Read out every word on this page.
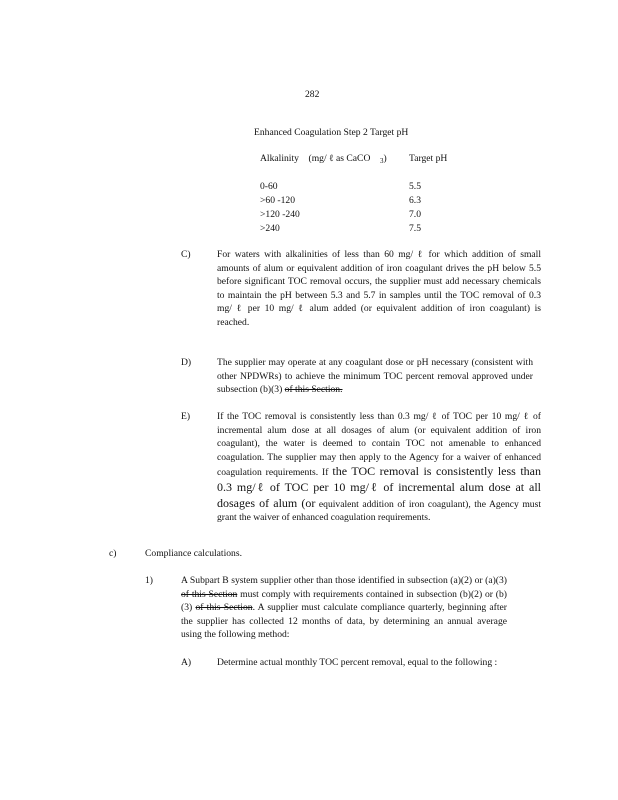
282
Enhanced Coagulation Step 2 Target pH
Alkalinity (mg/ ℓ as CaCO $_3$) Target pH
0-60	5.5
>60 -120	6.3
>120 -240	7.0
>240	7.5
C)	For waters with alkalinities of less than 60 mg/ ℓ for which addition of small amounts of alum or equivalent addition of iron coagulant drives the pH below 5.5 before significant TOC removal occurs, the supplier must add necessary chemicals to maintain the pH between 5.3 and 5.7 in samples until the TOC removal of 0.3 mg/ ℓ per 10 mg/ ℓ alum added (or equivalent addition of iron coagulant) is reached.
D)	The supplier may operate at any coagulant dose or pH necessary (consistent with other NPDWRs) to achieve the minimum TOC percent removal approved under subsection (b)(3) of this Section.
E)	If the TOC removal is consistently less than 0.3 mg/ ℓ of TOC per 10 mg/ ℓ of incremental alum dose at all dosages of alum (or equivalent addition of iron coagulant), the water is deemed to contain TOC not amenable to enhanced coagulation. The supplier may then apply to the Agency for a waiver of enhanced coagulation requirements. If the TOC removal is consistently less than 0.3 mg/ℓ of TOC per 10 mg/ℓ of incremental alum dose at all dosages of alum (or equivalent addition of iron coagulant), the Agency must grant the waiver of enhanced coagulation requirements.
c)	Compliance calculations.
1)	A Subpart B system supplier other than those identified in subsection (a)(2) or (a)(3) of this Section must comply with requirements contained in subsection (b)(2) or (b)(3) of this Section. A supplier must calculate compliance quarterly, beginning after the supplier has collected 12 months of data, by determining an annual average using the following method:
A)	Determine actual monthly TOC percent removal, equal to the following :
